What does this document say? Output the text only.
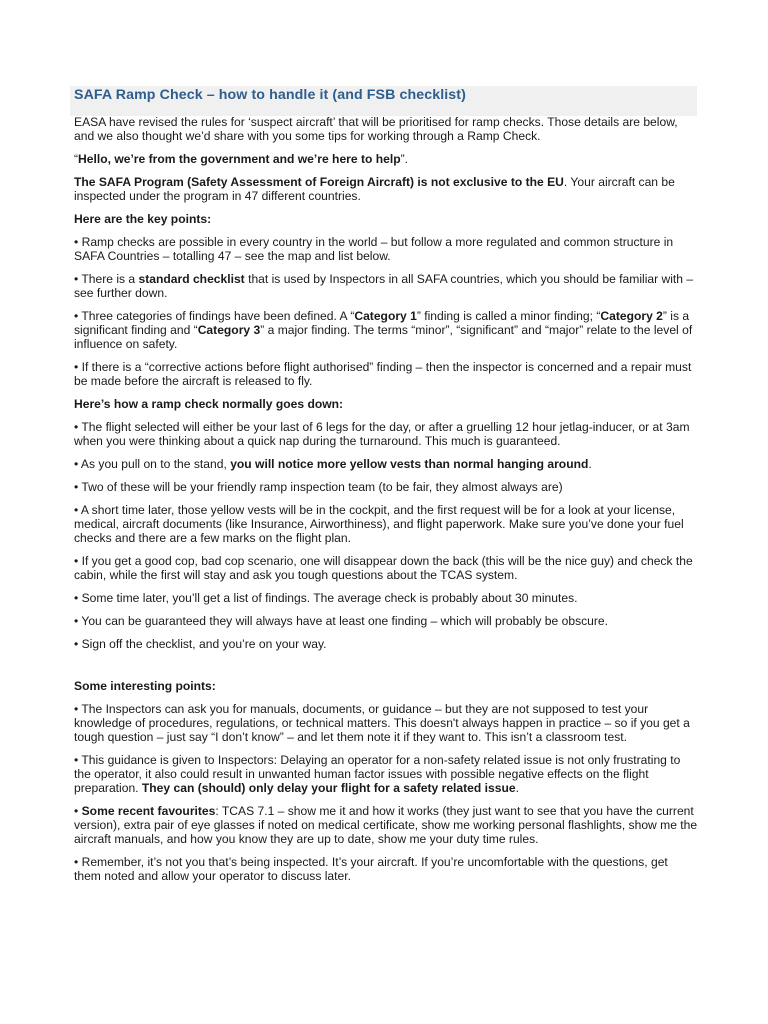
SAFA Ramp Check – how to handle it (and FSB checklist)

EASA have revised the rules for ‘suspect aircraft’ that will be prioritised for ramp checks. Those details are below, and we also thought we’d share with you some tips for working through a Ramp Check.

“Hello, we’re from the government and we’re here to help”.

The SAFA Program (Safety Assessment of Foreign Aircraft) is not exclusive to the EU. Your aircraft can be inspected under the program in 47 different countries.

Here are the key points:

• Ramp checks are possible in every country in the world – but follow a more regulated and common structure in SAFA Countries – totalling 47 – see the map and list below.

• There is a standard checklist that is used by Inspectors in all SAFA countries, which you should be familiar with – see further down.

• Three categories of findings have been defined. A “Category 1” finding is called a minor finding; “Category 2” is a significant finding and “Category 3” a major finding. The terms “minor”, “significant” and “major” relate to the level of influence on safety.

• If there is a “corrective actions before flight authorised” finding – then the inspector is concerned and a repair must be made before the aircraft is released to fly.

Here’s how a ramp check normally goes down:

• The flight selected will either be your last of 6 legs for the day, or after a gruelling 12 hour jetlag-inducer, or at 3am when you were thinking about a quick nap during the turnaround. This much is guaranteed.

• As you pull on to the stand, you will notice more yellow vests than normal hanging around.

• Two of these will be your friendly ramp inspection team (to be fair, they almost always are)

• A short time later, those yellow vests will be in the cockpit, and the first request will be for a look at your license, medical, aircraft documents (like Insurance, Airworthiness), and flight paperwork. Make sure you’ve done your fuel checks and there are a few marks on the flight plan.

• If you get a good cop, bad cop scenario, one will disappear down the back (this will be the nice guy) and check the cabin, while the first will stay and ask you tough questions about the TCAS system.

• Some time later, you’ll get a list of findings. The average check is probably about 30 minutes.

• You can be guaranteed they will always have at least one finding – which will probably be obscure.

• Sign off the checklist, and you’re on your way.

Some interesting points:

• The Inspectors can ask you for manuals, documents, or guidance – but they are not supposed to test your knowledge of procedures, regulations, or technical matters. This doesn't always happen in practice – so if you get a tough question – just say “I don’t know” – and let them note it if they want to. This isn’t a classroom test.

• This guidance is given to Inspectors: Delaying an operator for a non-safety related issue is not only frustrating to the operator, it also could result in unwanted human factor issues with possible negative effects on the flight preparation. They can (should) only delay your flight for a safety related issue.

• Some recent favourites: TCAS 7.1 – show me it and how it works (they just want to see that you have the current version), extra pair of eye glasses if noted on medical certificate, show me working personal flashlights, show me the aircraft manuals, and how you know they are up to date, show me your duty time rules.

• Remember, it’s not you that’s being inspected. It’s your aircraft. If you’re uncomfortable with the questions, get them noted and allow your operator to discuss later.
